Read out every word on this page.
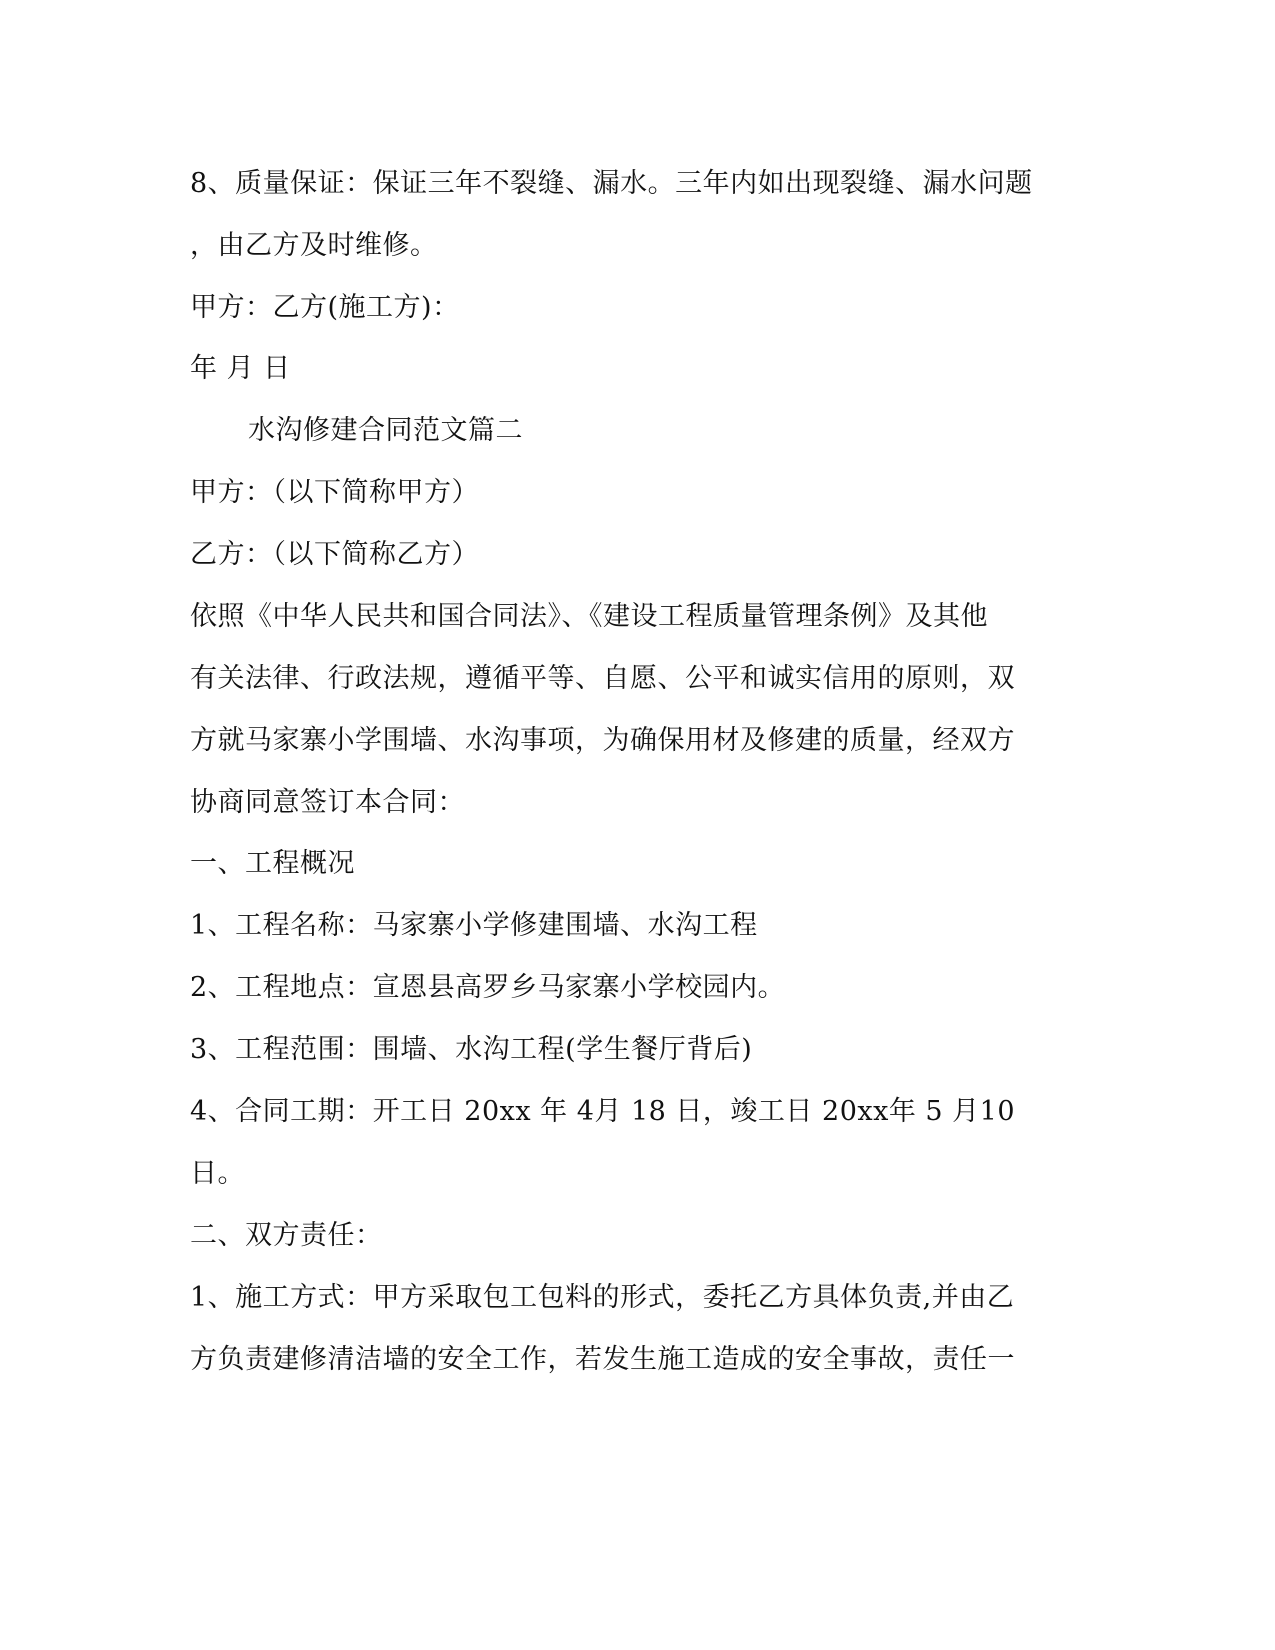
8、质量保证：保证三年不裂缝、漏水。三年内如出现裂缝、漏水问题
，由乙方及时维修。
甲方：乙方(施工方)：
年 月 日
水沟修建合同范文篇二
甲方：（以下简称甲方）
乙方：（以下简称乙方）
依照《中华人民共和国合同法》、《建设工程质量管理条例》及其他
有关法律、行政法规，遵循平等、自愿、公平和诚实信用的原则，双
方就马家寨小学围墙、水沟事项，为确保用材及修建的质量，经双方
协商同意签订本合同：
一、工程概况
1、工程名称：马家寨小学修建围墙、水沟工程
2、工程地点：宣恩县高罗乡马家寨小学校园内。
3、工程范围：围墙、水沟工程(学生餐厅背后)
4、合同工期：开工日 20xx 年 4月 18 日，竣工日 20xx年 5 月10
日。
二、双方责任：
1、施工方式：甲方采取包工包料的形式，委托乙方具体负责,并由乙
方负责建修清洁墙的安全工作，若发生施工造成的安全事故，责任一
